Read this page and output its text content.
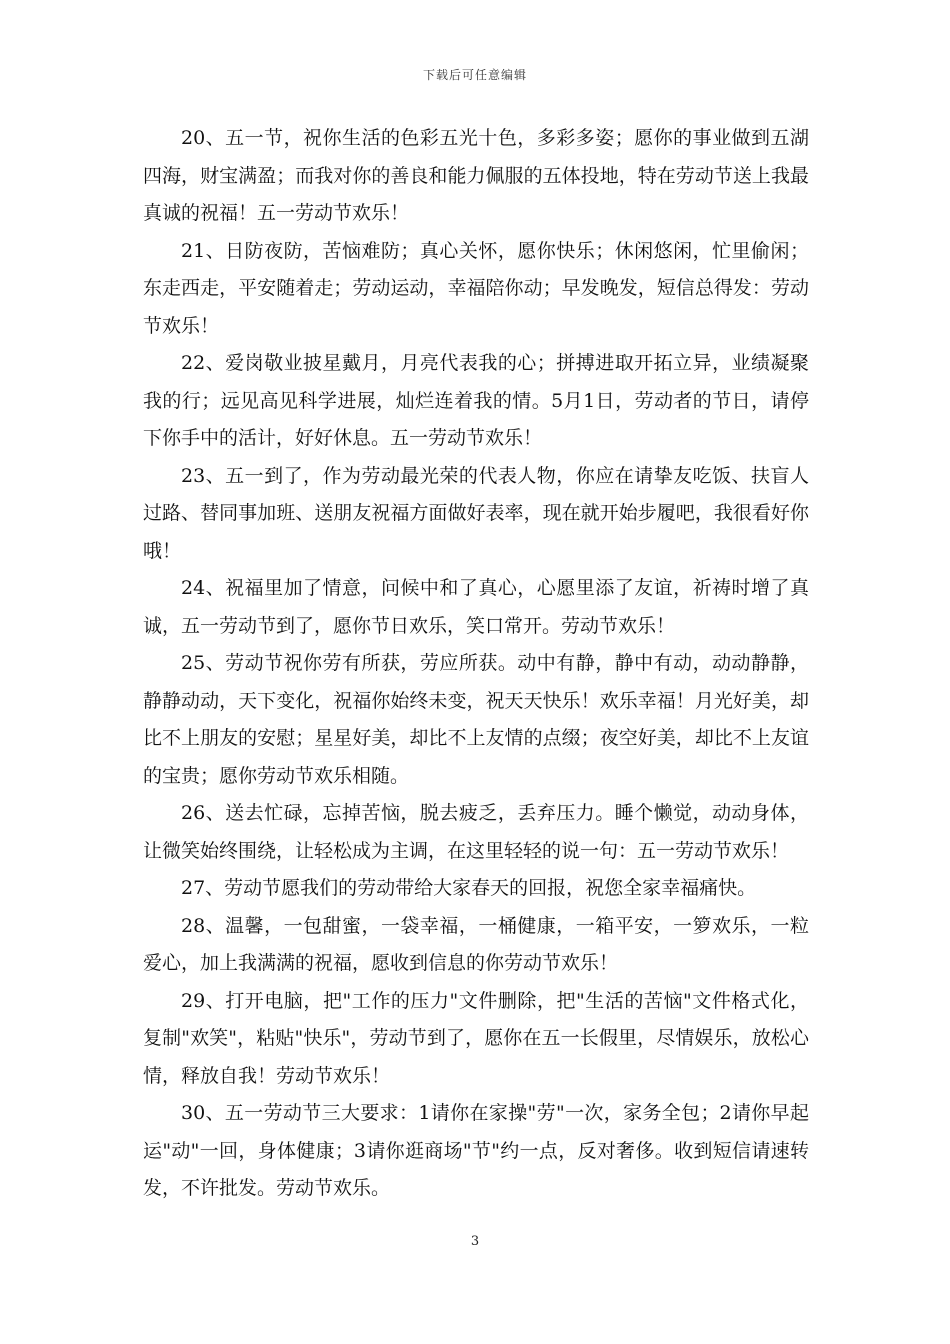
下载后可任意编辑

20、五一节，祝你生活的色彩五光十色，多彩多姿；愿你的事业做到五湖四海，财宝满盈；而我对你的善良和能力佩服的五体投地，特在劳动节送上我最真诚的祝福！五一劳动节欢乐！

21、日防夜防，苦恼难防；真心关怀，愿你快乐；休闲悠闲，忙里偷闲；东走西走，平安随着走；劳动运动，幸福陪你动；早发晚发，短信总得发：劳动节欢乐！

22、爱岗敬业披星戴月，月亮代表我的心；拼搏进取开拓立异，业绩凝聚我的行；远见高见科学进展，灿烂连着我的情。5月1日，劳动者的节日，请停下你手中的活计，好好休息。五一劳动节欢乐！

23、五一到了，作为劳动最光荣的代表人物，你应在请挚友吃饭、扶盲人过路、替同事加班、送朋友祝福方面做好表率，现在就开始步履吧，我很看好你哦！

24、祝福里加了情意，问候中和了真心，心愿里添了友谊，祈祷时增了真诚，五一劳动节到了，愿你节日欢乐，笑口常开。劳动节欢乐！

25、劳动节祝你劳有所获，劳应所获。动中有静，静中有动，动动静静，静静动动，天下变化，祝福你始终未变，祝天天快乐！欢乐幸福！月光好美，却比不上朋友的安慰；星星好美，却比不上友情的点缀；夜空好美，却比不上友谊的宝贵；愿你劳动节欢乐相随。

26、送去忙碌，忘掉苦恼，脱去疲乏，丢弃压力。睡个懒觉，动动身体，让微笑始终围绕，让轻松成为主调，在这里轻轻的说一句：五一劳动节欢乐！

27、劳动节愿我们的劳动带给大家春天的回报，祝您全家幸福痛快。

28、温馨，一包甜蜜，一袋幸福，一桶健康，一箱平安，一箩欢乐，一粒爱心，加上我满满的祝福，愿收到信息的你劳动节欢乐！

29、打开电脑，把"工作的压力"文件删除，把"生活的苦恼"文件格式化，复制"欢笑"，粘贴"快乐"，劳动节到了，愿你在五一长假里，尽情娱乐，放松心情，释放自我！劳动节欢乐！

30、五一劳动节三大要求：1请你在家操"劳"一次，家务全包；2请你早起运"动"一回，身体健康；3请你逛商场"节"约一点，反对奢侈。收到短信请速转发，不许批发。劳动节欢乐。

3
